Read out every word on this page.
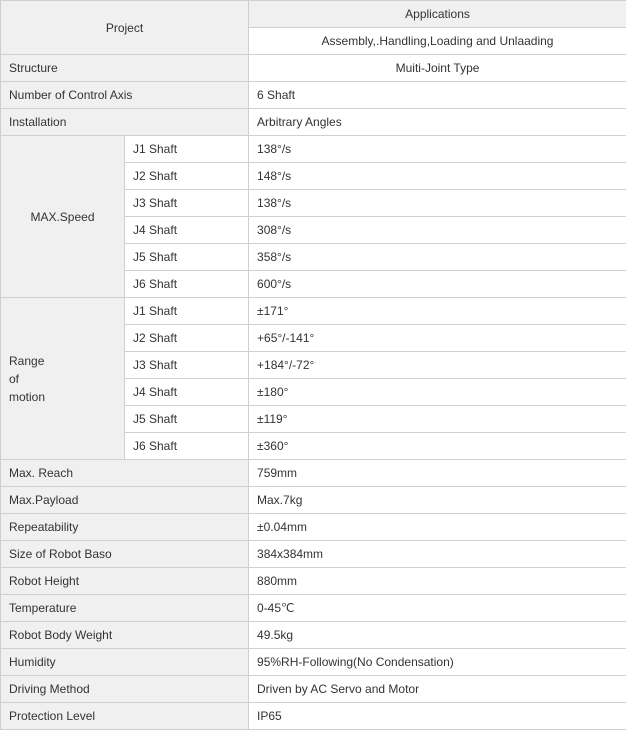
Project		Applications
		Assembly,.Handling,Loading and Unlaading
Structure		Muiti-Joint Type
Number of Control Axis		6 Shaft
Installation		Arbitrary Angles
MAX.Speed	J1 Shaft	138°/s
	J2 Shaft	148°/s
	J3 Shaft	138°/s
	J4 Shaft	308°/s
	J5 Shaft	358°/s
	J6 Shaft	600°/s

Range
of
motion	J1 Shaft	±171°
	J2 Shaft	+65°/-141°
	J3 Shaft	+184°/-72°
	J4 Shaft	±180°
	J5 Shaft	±119°
	J6 Shaft	±360°
Max. Reach		759mm
Max.Payload		Max.7kg
Repeatability		±0.04mm
Size of Robot Baso		384x384mm
Robot Height		880mm
Temperature		0-45℃
Robot Body Weight		49.5kg
Humidity		95%RH-Following(No Condensation)
Driving Method		Driven by AC Servo and Motor
Protection Level		IP65
